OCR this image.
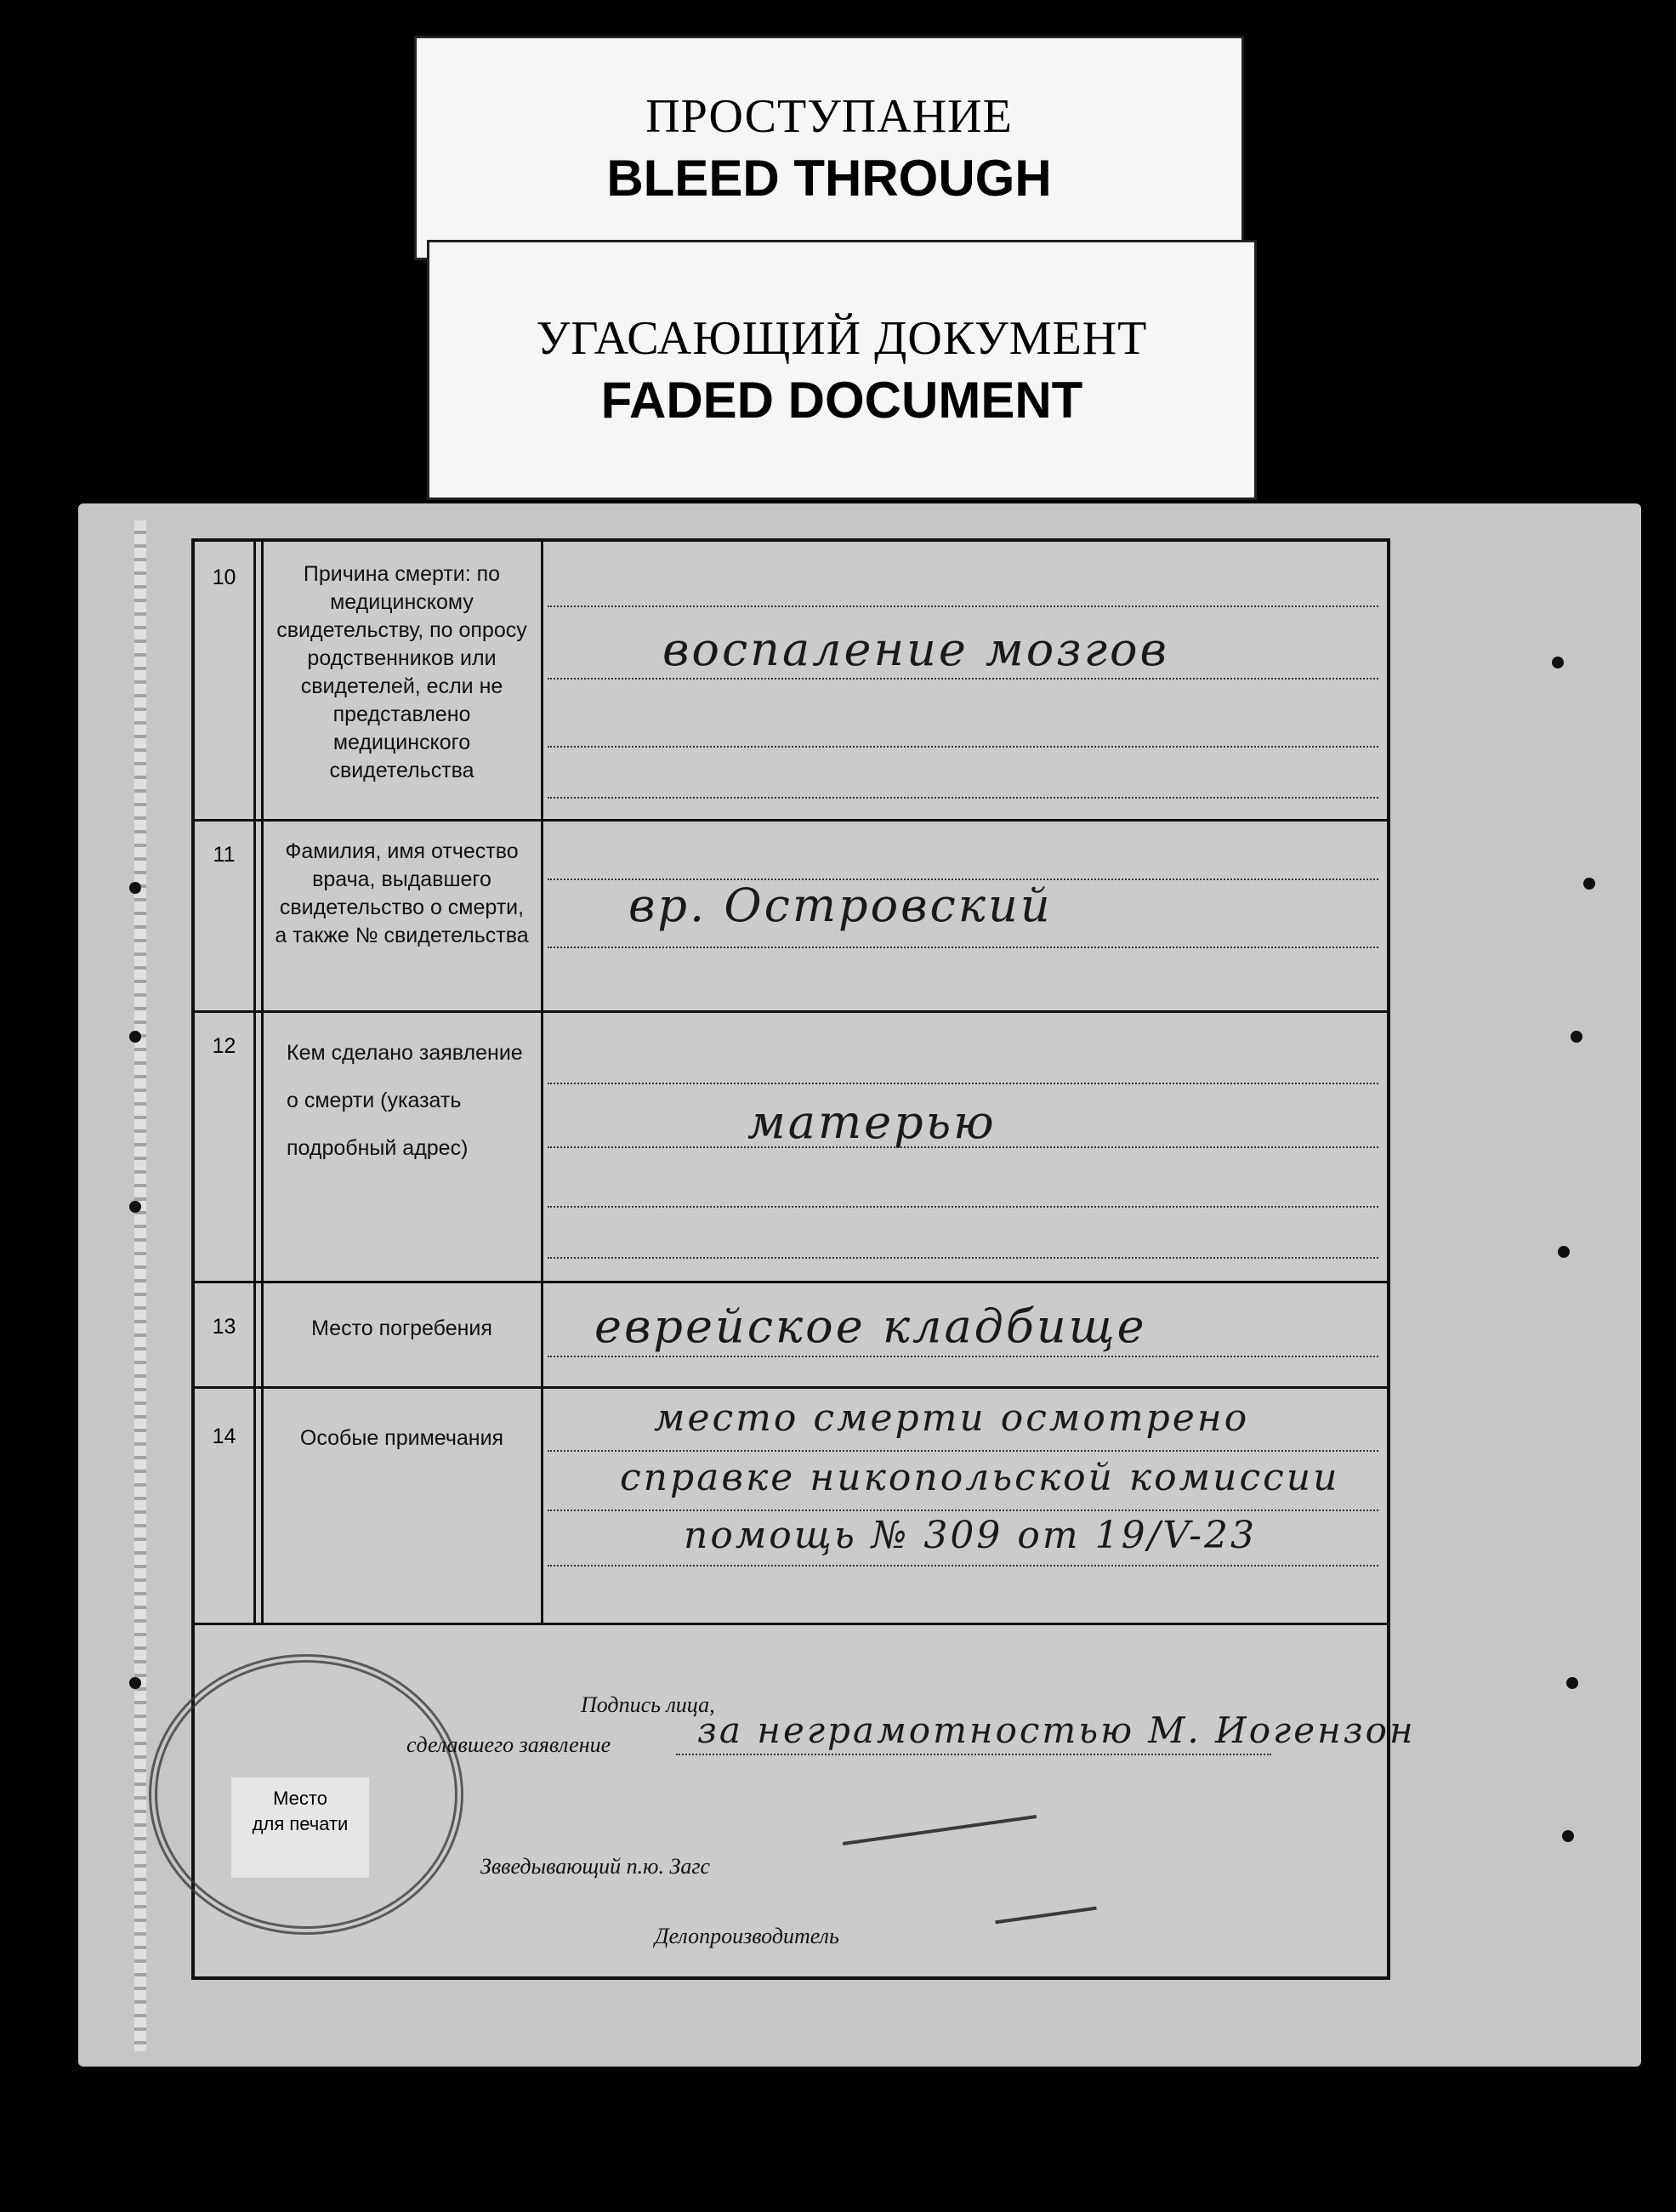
ПРОСТУПАНИЕ
BLEED THROUGH
УГАСАЮЩИЙ ДОКУМЕНТ
FADED DOCUMENT
10	Причина смерти: по медицинскому свидетельству, по опросу родственников или свидетелей, если не представлено медицинского свидетельства
воспаление мозгов
11	Фамилия, имя отчество врача, выдавшего свидетельство о смерти, а также № свидетельства
вр. Островский
12	Кем сделано заявление о смерти (указать подробный адрес)	матерью
13	Место погребения	еврейское кладбище
14	Особые примечания	место смерти осмотрено
справке никопольской комиссии
помощь № 309 от 19/V-23
Место
для печати
Подпись лица,
сделавшего заявление за неграмотностью М. Иогензон
Звведывающий п.ю. Загс
Делопроизводитель
